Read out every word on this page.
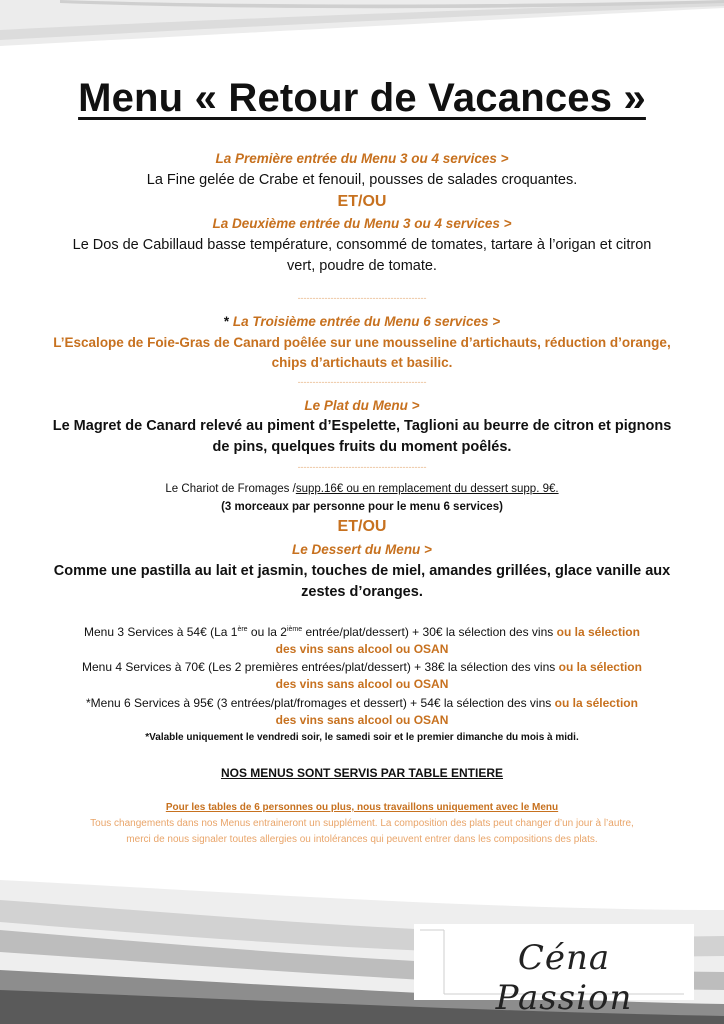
Menu « Retour de Vacances »
La Première entrée du Menu 3 ou 4 services >
La Fine gelée de Crabe et fenouil, pousses de salades croquantes.
ET/OU
La Deuxième entrée du Menu 3 ou 4 services >
Le Dos de Cabillaud basse température, consommé de tomates, tartare à l’origan et citron
vert, poudre de tomate.
-------------------------------------------
* La Troisième entrée du Menu 6 services >
L’Escalope de Foie-Gras de Canard poêlée sur une mousseline d’artichauts, réduction d’orange,
chips d’artichauts et basilic.
-------------------------------------------
Le Plat du Menu >
Le Magret de Canard relevé au piment d’Espelette, Taglioni au beurre de citron et pignons
de pins, quelques fruits du moment poêlés.
-------------------------------------------
Le Chariot de Fromages /supp.16€ ou en remplacement du dessert supp. 9€.
(3 morceaux par personne pour le menu 6 services)
ET/OU
Le Dessert du Menu >
Comme une pastilla au lait et jasmin, touches de miel, amandes grillées, glace vanille aux
zestes d’oranges.
Menu 3 Services à 54€ (La 1ère ou la 2ième entrée/plat/dessert) + 30€ la sélection des vins ou la sélection
des vins sans alcool ou OSAN
Menu 4 Services à 70€ (Les 2 premières entrées/plat/dessert) + 38€ la sélection des vins ou la sélection
des vins sans alcool ou OSAN
*Menu 6 Services à 95€ (3 entrées/plat/fromages et dessert) + 54€ la sélection des vins ou la sélection
des vins sans alcool ou OSAN
*Valable uniquement le vendredi soir, le samedi soir et le premier dimanche du mois à midi.
NOS MENUS SONT SERVIS PAR TABLE ENTIERE
Pour les tables de 6 personnes ou plus, nous travaillons uniquement avec le Menu
Tous changements dans nos Menus entraineront un supplément. La composition des plats peut changer d’un jour à l’autre,
merci de nous signaler toutes allergies ou intolérances qui peuvent entrer dans les compositions des plats.
Céna Passion
